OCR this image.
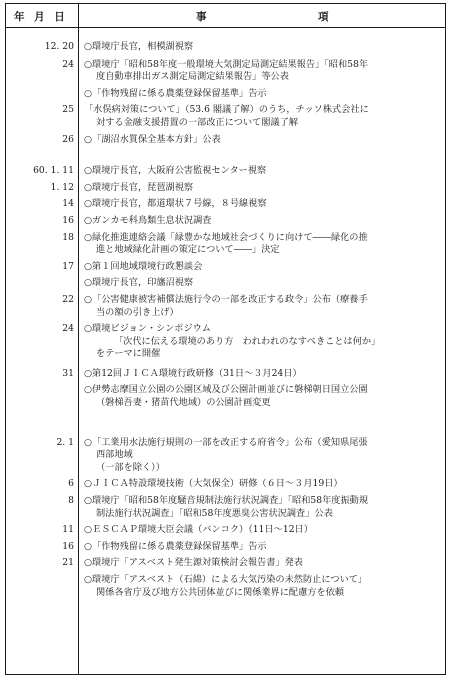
年 月 日	事	項
12. 20 ○環境庁長官，相模湖視察
24 ○環境庁「昭和58年度一般環境大気測定局測定結果報告」「昭和58年
度自動車排出ガス測定局測定結果報告」等公表
○「作物残留に係る農薬登録保留基準」告示
25 「水俣病対策について」（53.6 閣議了解）のうち，チッソ株式会社に
対する金融支援措置の一部改正について閣議了解
26 ○「湖沼水質保全基本方針」公表
60. 1. 11 ○環境庁長官，大阪府公害監視センター視察
1. 12 ○環境庁長官，琵琶湖視察
14 ○環境庁長官，都道環状７号線，８号線視察
16 ○ガンカモ科鳥類生息状況調査
18 ○緑化推進連絡会議「緑豊かな地域社会づくりに向けて――緑化の推
進と地域緑化計画の策定について――」決定
17 ○第１回地域環境行政懇談会
○環境庁長官，印旛沼視察
22 ○「公害健康被害補償法施行令の一部を改正する政令」公布（療養手
当の額の引き上げ）
24 ○環境ビジョン・シンポジウム
「次代に伝える環境のあり方　われわれのなすべきことは何か」
をテーマに開催
31 ○第12回ＪＩＣＡ環境行政研修（31日～３月24日）
○伊勢志摩国立公園の公園区域及び公園計画並びに磐梯朝日国立公園
（磐梯吾妻・猪苗代地域）の公園計画変更
2. 1 ○「工業用水法施行規則の一部を改正する府省令」公布（愛知県尾張
西部地域
（一部を除く））
6 ○ＪＩＣＡ特設環境技術（大気保全）研修（６日～３月19日）
8 ○環境庁「昭和58年度騒音規制法施行状況調査」「昭和58年度振動規
制法施行状況調査」「昭和58年度悪臭公害状況調査」公表
11 ○ＥＳＣＡＰ環境大臣会議（バンコク）（11日～12日）
16 ○「作物残留に係る農薬登録保留基準」告示
21 ○環境庁「アスベスト発生源対策検討会報告書」発表
○環境庁「アスベスト（石綿）による大気汚染の未然防止について」
関係各省庁及び地方公共団体並びに関係業界に配慮方を依頼
